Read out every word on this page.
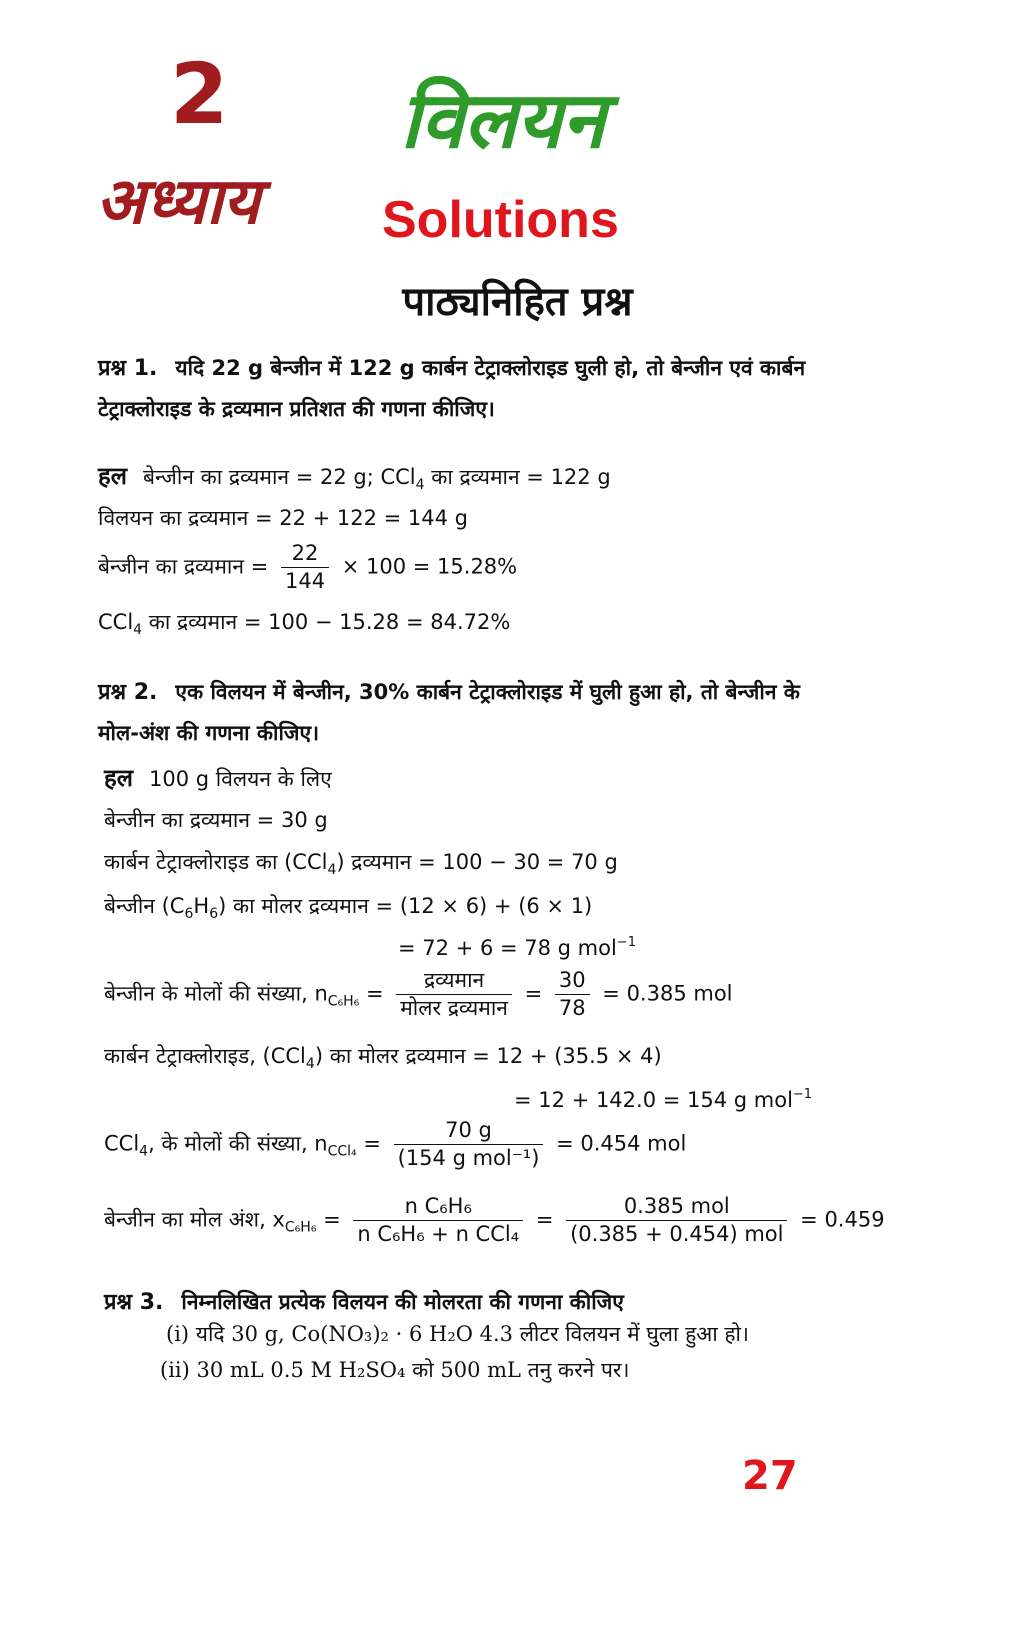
2
अध्याय
विलयन
Solutions
पाठ्यनिहित प्रश्न
प्रश्न 1. यदि 22 g बेन्जीन में 122 g कार्बन टेट्राक्लोराइड घुली हो, तो बेन्जीन एवं कार्बन
टेट्राक्लोराइड के द्रव्यमान प्रतिशत की गणना कीजिए।
हल बेन्जीन का द्रव्यमान = 22 g; CCl$_4$ का द्रव्यमान = 122 g
विलयन का द्रव्यमान = 22 + 122 = 144 g
बेन्जीन का द्रव्यमान = $\frac{22}{144} \times 100 = 15.28\%$
CCl$_4$ का द्रव्यमान = 100 − 15.28 = 84.72%
प्रश्न 2. एक विलयन में बेन्जीन, 30% कार्बन टेट्राक्लोराइड में घुली हुआ हो, तो बेन्जीन के
मोल-अंश की गणना कीजिए।
हल 100 g विलयन के लिए
बेन्जीन का द्रव्यमान = 30 g
कार्बन टेट्राक्लोराइड का (CCl$_4$) द्रव्यमान = 100 − 30 = 70 g
बेन्जीन $(C_6H_6)$ का मोलर द्रव्यमान = (12 × 6) + (6 × 1)
= 72 + 6 = 78 g mol$^{-1}$
बेन्जीन के मोलों की संख्या, $n_{C_6H_6} = \frac{\text{द्रव्यमान}}{\text{मोलर द्रव्यमान}} = \frac{30}{78} = 0.385$ mol
कार्बन टेट्राक्लोराइड, (CCl$_4$) का मोलर द्रव्यमान = 12 + (35.5 × 4)
= 12 + 142.0 = 154 g mol$^{-1}$
CCl$_4$, के मोलों की संख्या, $n_{CCl_4} = \frac{70 g}{\text{(154 g mol⁻¹)}} = 0.454$ mol
बेन्जीन का मोल अंश, $x_{C_6H_6} = \frac{\text{n C₆H₆}}{\text{n C₆H₆ + n CCl₄}} = \frac{\text{0.385 mol}}{\text{(0.385 + 0.454) mol}} = 0.459$
प्रश्न 3. निम्नलिखित प्रत्येक विलयन की मोलरता की गणना कीजिए
(i) यदि 30 g, Co(NO₃)₂ · 6 H₂O 4.3 लीटर विलयन में घुला हुआ हो।
(ii) 30 mL 0.5 M H₂SO₄ को 500 mL तनु करने पर।
27
